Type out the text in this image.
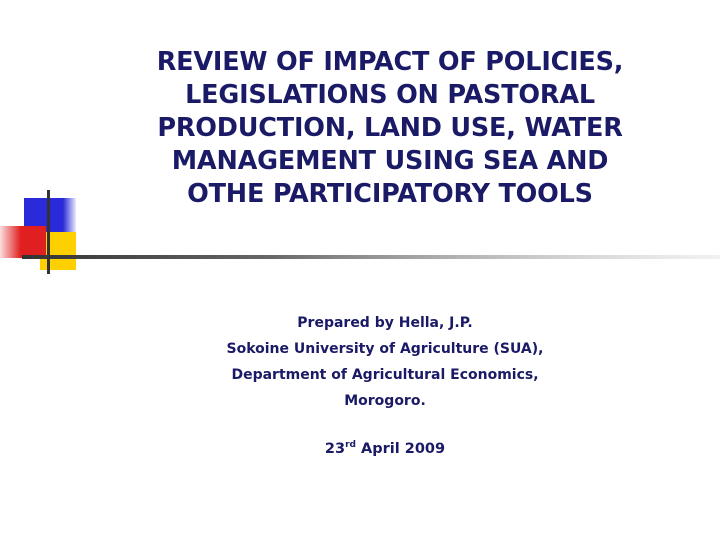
REVIEW OF IMPACT OF POLICIES,
LEGISLATIONS ON PASTORAL
PRODUCTION, LAND USE, WATER
MANAGEMENT USING SEA AND
OTHE PARTICIPATORY TOOLS
Prepared by Hella, J.P.
Sokoine University of Agriculture (SUA),
Department of Agricultural Economics,
Morogoro.
23rd April 2009
